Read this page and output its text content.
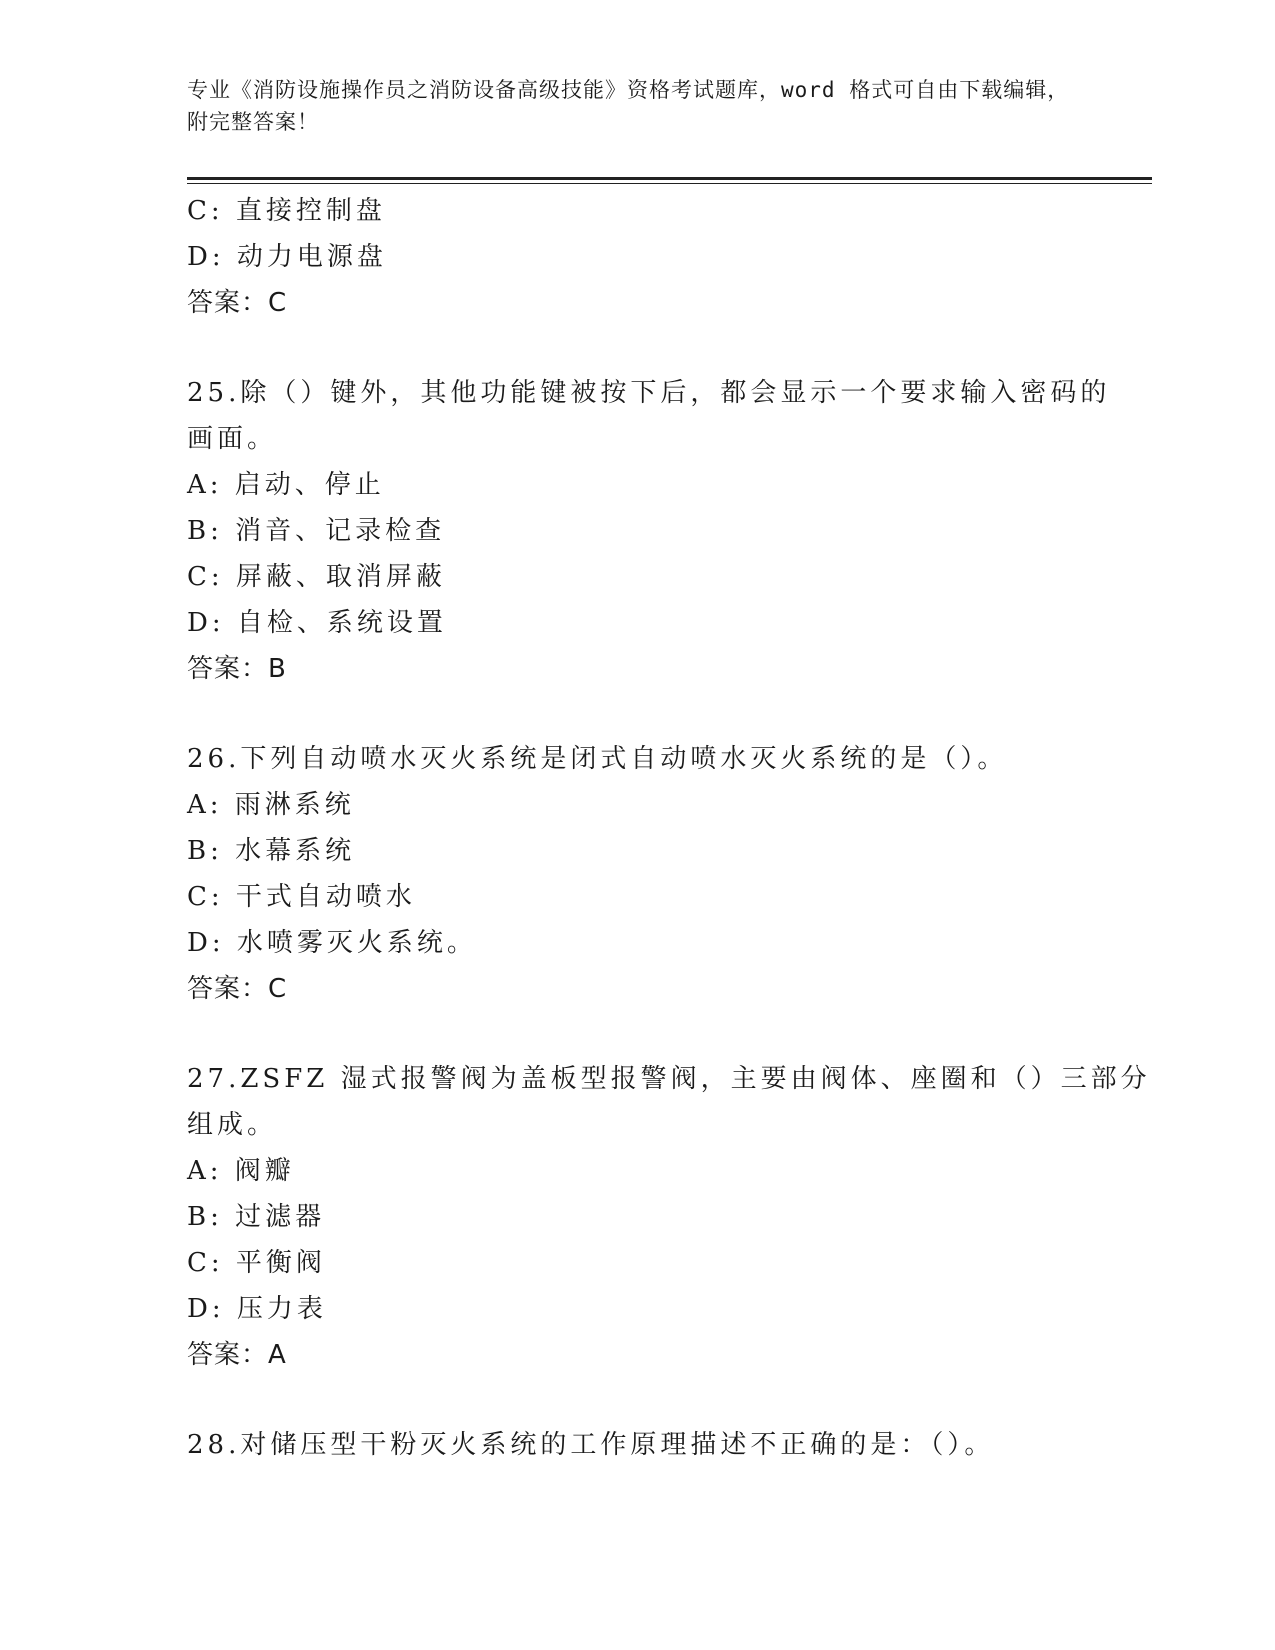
专业《消防设施操作员之消防设备高级技能》资格考试题库，word 格式可自由下载编辑，附完整答案！
C: 直接控制盘
D: 动力电源盘
答案：C
25.除（）键外，其他功能键被按下后，都会显示一个要求输入密码的
画面。
A: 启动、停止
B: 消音、记录检查
C: 屏蔽、取消屏蔽
D: 自检、系统设置
答案：B
26.下列自动喷水灭火系统是闭式自动喷水灭火系统的是（）。
A: 雨淋系统
B: 水幕系统
C: 干式自动喷水
D: 水喷雾灭火系统。
答案：C
27.ZSFZ 湿式报警阀为盖板型报警阀，主要由阀体、座圈和（）三部分
组成。
A: 阀瓣
B: 过滤器
C: 平衡阀
D: 压力表
答案：A
28.对储压型干粉灭火系统的工作原理描述不正确的是：（）。
